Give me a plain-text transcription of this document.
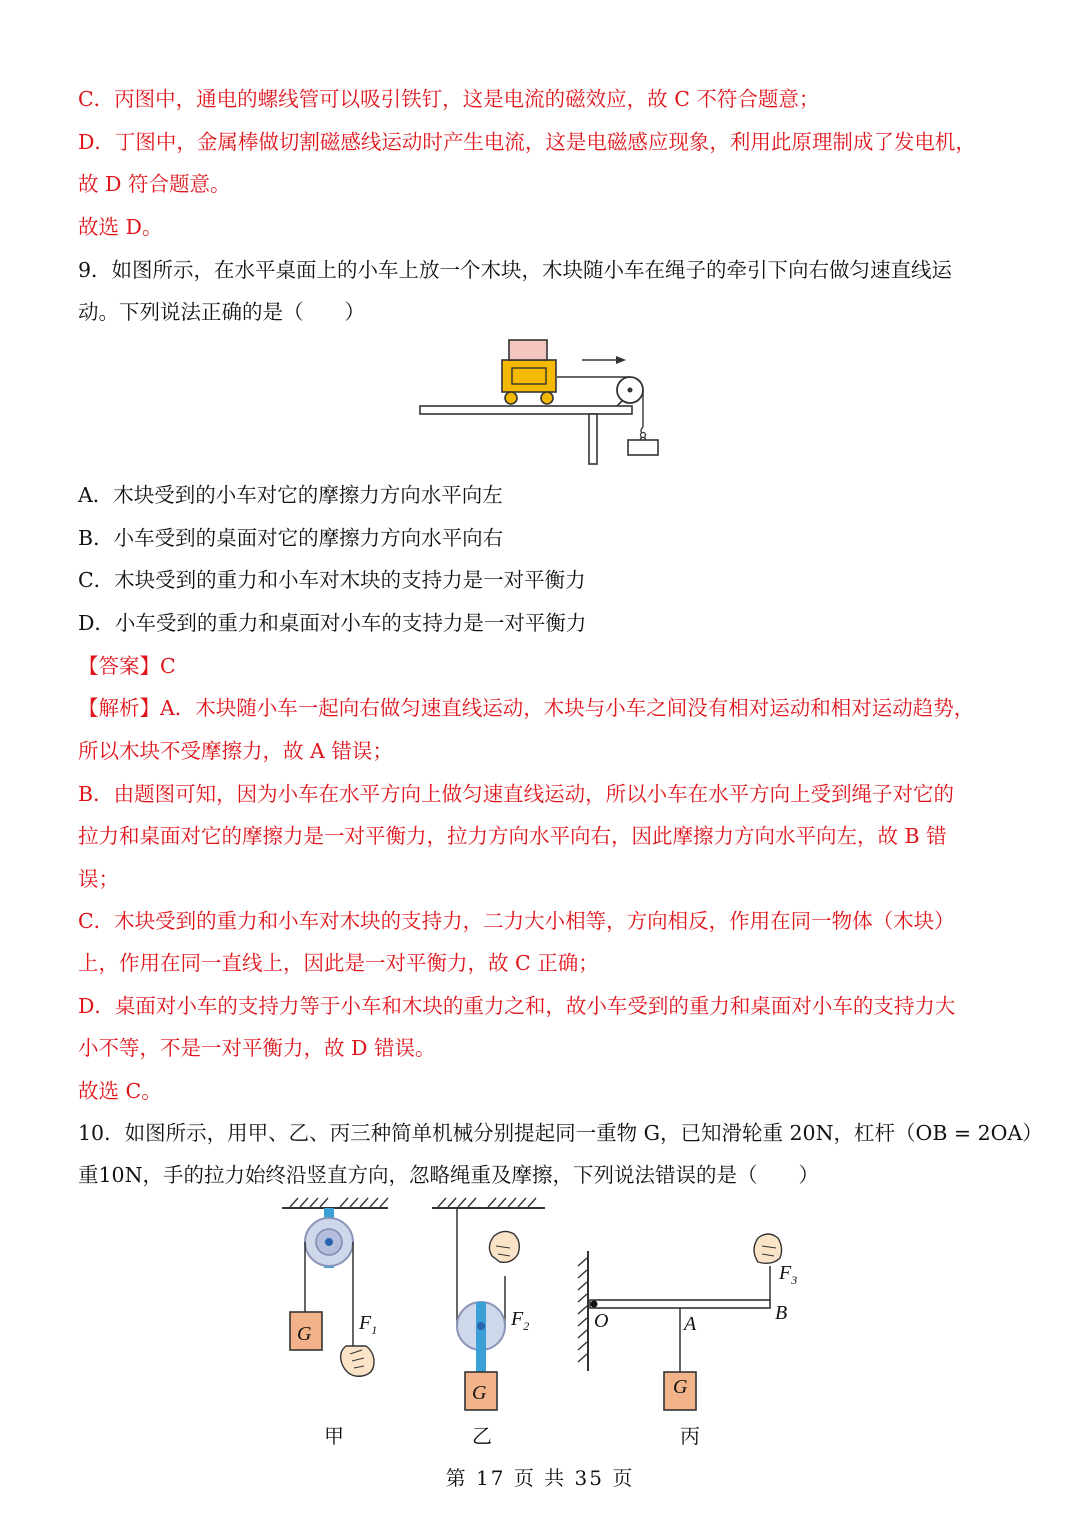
C．丙图中，通电的螺线管可以吸引铁钉，这是电流的磁效应，故 C 不符合题意；
D．丁图中，金属棒做切割磁感线运动时产生电流，这是电磁感应现象，利用此原理制成了发电机，
故 D 符合题意。
故选 D。
9．如图所示，在水平桌面上的小车上放一个木块，木块随小车在绳子的牵引下向右做匀速直线运
动。下列说法正确的是（　　）
A．木块受到的小车对它的摩擦力方向水平向左
B．小车受到的桌面对它的摩擦力方向水平向右
C．木块受到的重力和小车对木块的支持力是一对平衡力
D．小车受到的重力和桌面对小车的支持力是一对平衡力
【答案】C
【解析】A．木块随小车一起向右做匀速直线运动，木块与小车之间没有相对运动和相对运动趋势，
所以木块不受摩擦力，故 A 错误；
B．由题图可知，因为小车在水平方向上做匀速直线运动，所以小车在水平方向上受到绳子对它的
拉力和桌面对它的摩擦力是一对平衡力，拉力方向水平向右，因此摩擦力方向水平向左，故 B 错
误；
C．木块受到的重力和小车对木块的支持力，二力大小相等，方向相反，作用在同一物体（木块）
上，作用在同一直线上，因此是一对平衡力，故 C 正确；
D．桌面对小车的支持力等于小车和木块的重力之和，故小车受到的重力和桌面对小车的支持力大
小不等，不是一对平衡力，故 D 错误。
故选 C。
10．如图所示，用甲、乙、丙三种简单机械分别提起同一重物 G，已知滑轮重 20N，杠杆（OB = 2OA）
重10N，手的拉力始终沿竖直方向，忽略绳重及摩擦，下列说法错误的是（　　）
G $F_1$
甲
G
$F_2$
乙
G
$F_3$
O	A	B
丙
第 17 页 共 35 页
